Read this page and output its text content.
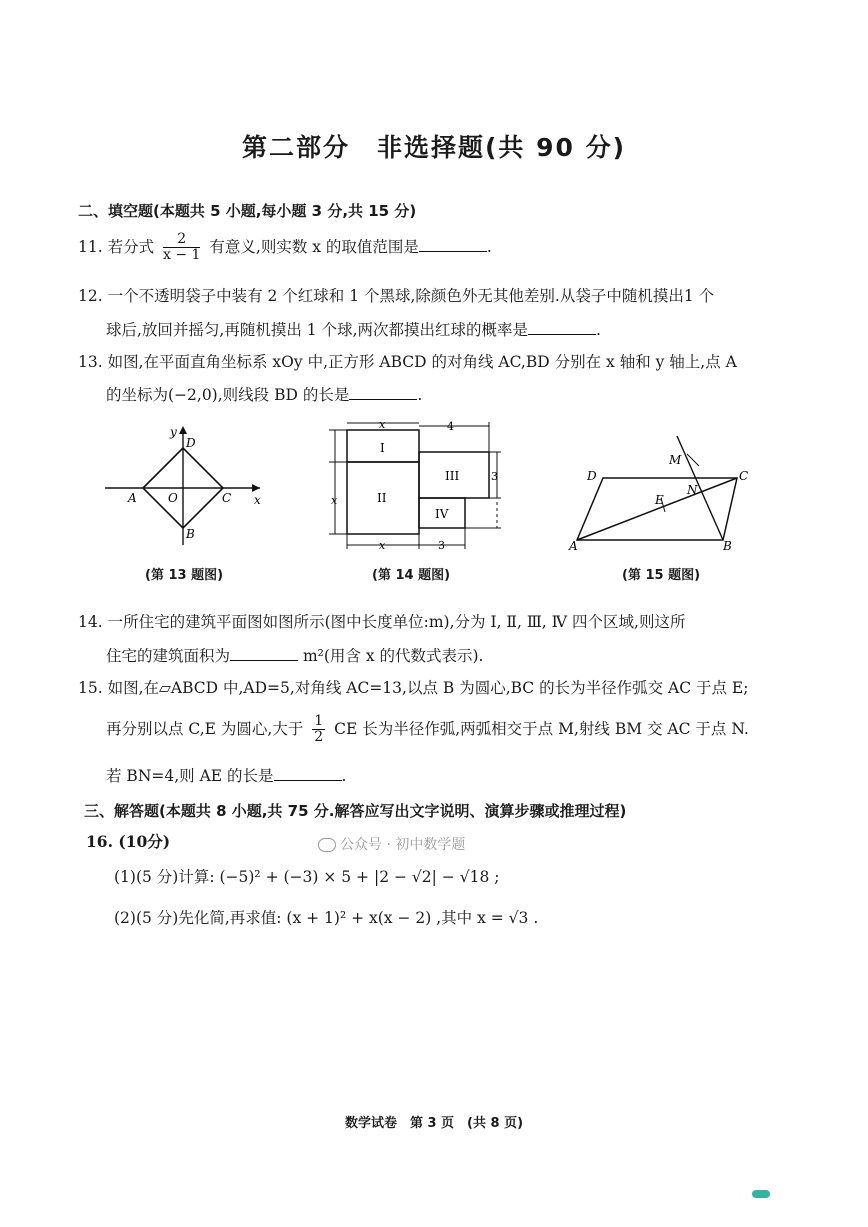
第二部分　非选择题(共 90 分)
二、填空题(本题共 5 小题,每小题 3 分,共 15 分)
11. 若分式 $\frac{2}{x - 1}$ 有意义,则实数 x 的取值范围是	.
12. 一个不透明袋子中装有 2 个红球和 1 个黑球,除颜色外无其他差别.从袋子中随机摸出1 个
球后,放回并摇匀,再随机摸出 1 个球,两次都摸出红球的概率是	.
13. 如图,在平面直角坐标系 xOy 中,正方形 ABCD 的对角线 AC,BD 分别在 x 轴和 y 轴上,点 A
的坐标为(−2,0),则线段 BD 的长是	.
y
D
A	O	C x
B
(第 13 题图)
x	4
I
III	3
II
x
IV
x	3
(第 14 题图)
M
D	C
N
E
A	B
(第 15 题图)
14. 一所住宅的建筑平面图如图所示(图中长度单位:m),分为 Ⅰ, Ⅱ, Ⅲ, Ⅳ 四个区域,则这所
住宅的建筑面积为	m²(用含 x 的代数式表示).
15. 如图,在▱ABCD 中,AD=5,对角线 AC=13,以点 B 为圆心,BC 的长为半径作弧交 AC 于点 E;
再分别以点 C,E 为圆心,大于 $\frac{1}{2}$ CE 长为半径作弧,两弧相交于点 M,射线 BM 交 AC 于点 N.
若 BN=4,则 AE 的长是	.
三、解答题(本题共 8 小题,共 75 分.解答应写出文字说明、演算步骤或推理过程)
16. (10分)	公众号 · 初中数学题
(1)(5 分)计算: (−5)² + (−3) × 5 + |2 − √2| − √18 ;
(2)(5 分)先化简,再求值: (x + 1)² + x(x − 2) ,其中 x = √3 .
数学试卷　第 3 页　(共 8 页)
